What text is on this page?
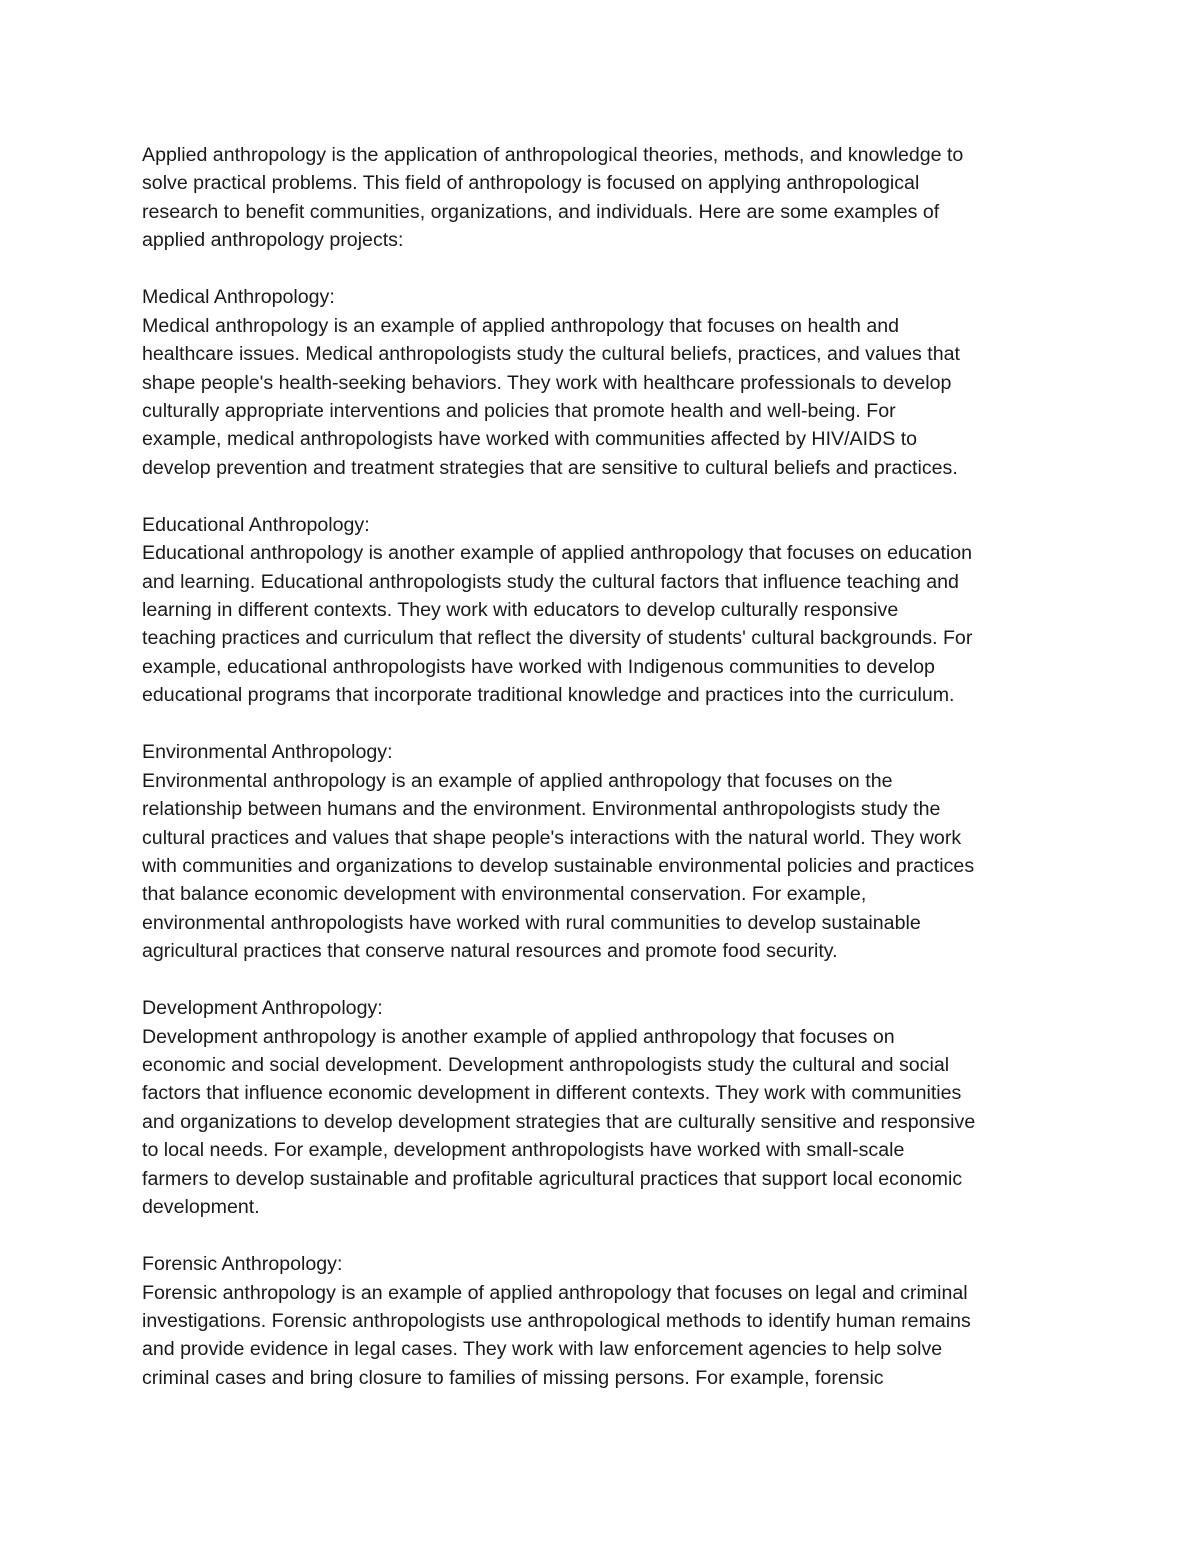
Applied anthropology is the application of anthropological theories, methods, and knowledge to
solve practical problems. This field of anthropology is focused on applying anthropological
research to benefit communities, organizations, and individuals. Here are some examples of
applied anthropology projects:
Medical Anthropology:
Medical anthropology is an example of applied anthropology that focuses on health and
healthcare issues. Medical anthropologists study the cultural beliefs, practices, and values that
shape people's health-seeking behaviors. They work with healthcare professionals to develop
culturally appropriate interventions and policies that promote health and well-being. For
example, medical anthropologists have worked with communities affected by HIV/AIDS to
develop prevention and treatment strategies that are sensitive to cultural beliefs and practices.
Educational Anthropology:
Educational anthropology is another example of applied anthropology that focuses on education
and learning. Educational anthropologists study the cultural factors that influence teaching and
learning in different contexts. They work with educators to develop culturally responsive
teaching practices and curriculum that reflect the diversity of students' cultural backgrounds. For
example, educational anthropologists have worked with Indigenous communities to develop
educational programs that incorporate traditional knowledge and practices into the curriculum.
Environmental Anthropology:
Environmental anthropology is an example of applied anthropology that focuses on the
relationship between humans and the environment. Environmental anthropologists study the
cultural practices and values that shape people's interactions with the natural world. They work
with communities and organizations to develop sustainable environmental policies and practices
that balance economic development with environmental conservation. For example,
environmental anthropologists have worked with rural communities to develop sustainable
agricultural practices that conserve natural resources and promote food security.
Development Anthropology:
Development anthropology is another example of applied anthropology that focuses on
economic and social development. Development anthropologists study the cultural and social
factors that influence economic development in different contexts. They work with communities
and organizations to develop development strategies that are culturally sensitive and responsive
to local needs. For example, development anthropologists have worked with small-scale
farmers to develop sustainable and profitable agricultural practices that support local economic
development.
Forensic Anthropology:
Forensic anthropology is an example of applied anthropology that focuses on legal and criminal
investigations. Forensic anthropologists use anthropological methods to identify human remains
and provide evidence in legal cases. They work with law enforcement agencies to help solve
criminal cases and bring closure to families of missing persons. For example, forensic
